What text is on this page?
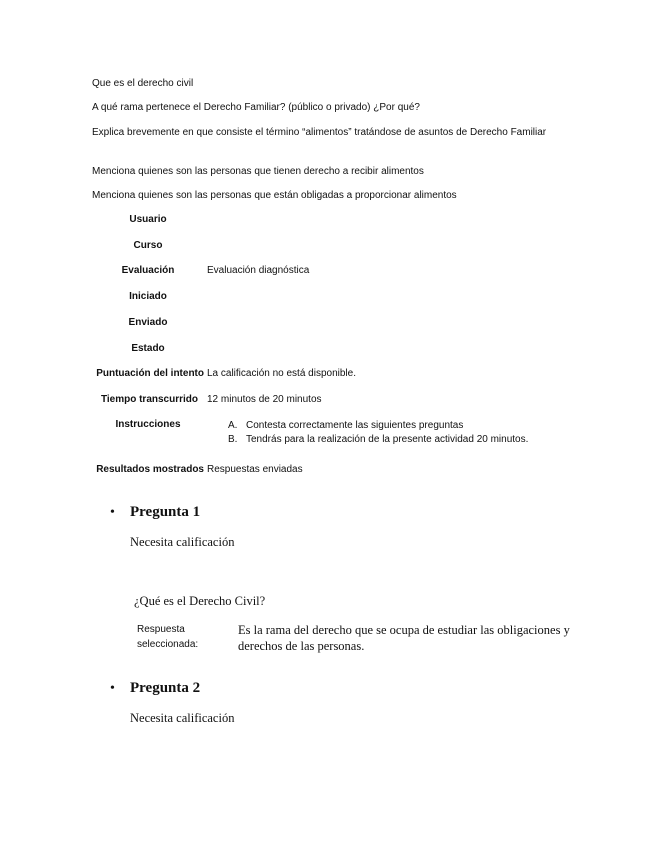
Que es el derecho civil
A qué rama pertenece el Derecho Familiar? (público o privado) ¿Por qué?
Explica brevemente en que consiste el término “alimentos” tratándose de asuntos de Derecho Familiar
Menciona quienes son las personas que tienen derecho a recibir alimentos
Menciona quienes son las personas que están obligadas a proporcionar alimentos
Usuario
Curso
Evaluación	Evaluación diagnóstica
Iniciado
Enviado
Estado
Puntuación del intento La calificación no está disponible.
Tiempo transcurrido 12 minutos de 20 minutos
Instrucciones	A. Contesta correctamente las siguientes preguntas
B. Tendrás para la realización de la presente actividad 20 minutos.
Resultados mostrados Respuestas enviadas
• Pregunta 1
Necesita calificación
¿Qué es el Derecho Civil?
Respuesta seleccionada:
Es la rama del derecho que se ocupa de estudiar las obligaciones y derechos de las personas.
• Pregunta 2
Necesita calificación
